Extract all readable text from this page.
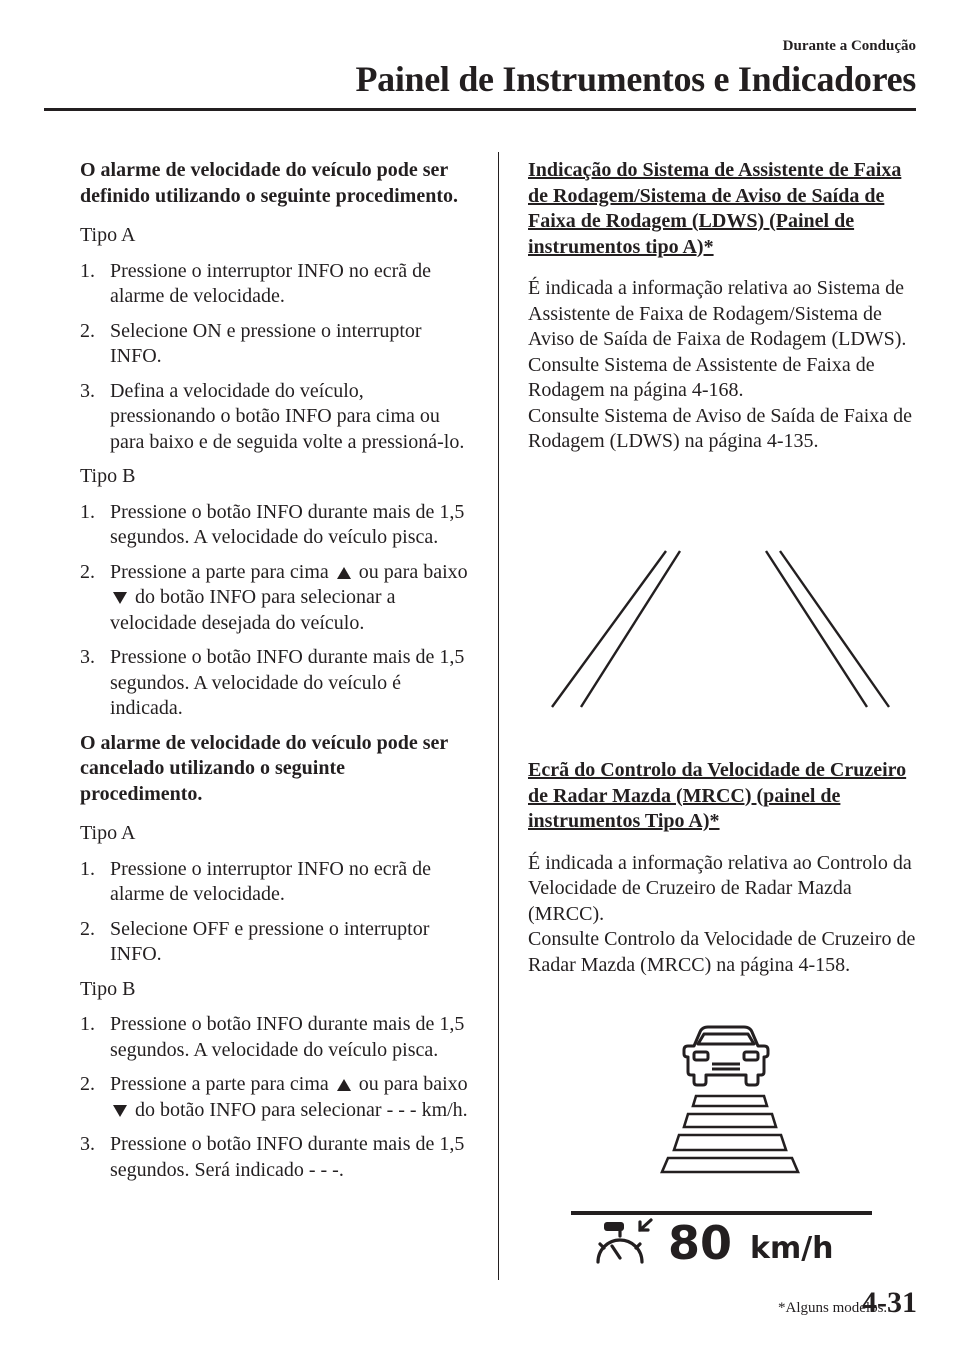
Durante a Condução
Painel de Instrumentos e Indicadores

O alarme de velocidade do veículo pode ser definido utilizando o seguinte procedimento.

Tipo A

1. Pressione o interruptor INFO no ecrã de alarme de velocidade.
2. Selecione ON e pressione o interruptor INFO.
3. Defina a velocidade do veículo, pressionando o botão INFO para cima ou para baixo e de seguida volte a pressioná-lo.

Tipo B

1. Pressione o botão INFO durante mais de 1,5 segundos. A velocidade do veículo pisca.
2. Pressione a parte para cima ou para baixo  do botão INFO para selecionar a velocidade desejada do veículo.
3. Pressione o botão INFO durante mais de 1,5 segundos. A velocidade do veículo é indicada.

O alarme de velocidade do veículo pode ser cancelado utilizando o seguinte procedimento.

Tipo A

1. Pressione o interruptor INFO no ecrã de alarme de velocidade.
2. Selecione OFF e pressione o interruptor INFO.

Tipo B

1. Pressione o botão INFO durante mais de 1,5 segundos. A velocidade do veículo pisca.
2. Pressione a parte para cima ou para baixo  do botão INFO para selecionar - - - km/h.
3. Pressione o botão INFO durante mais de 1,5 segundos. Será indicado - - -.

Indicação do Sistema de Assistente de Faixa de Rodagem/Sistema de Aviso de Saída de Faixa de Rodagem (LDWS) (Painel de instrumentos tipo A)*

É indicada a informação relativa ao Sistema de Assistente de Faixa de Rodagem/Sistema de Aviso de Saída de Faixa de Rodagem (LDWS).

Consulte Sistema de Assistente de Faixa de Rodagem na página 4-168.

Consulte Sistema de Aviso de Saída de Faixa de Rodagem (LDWS) na página 4-135.

Ecrã do Controlo da Velocidade de Cruzeiro de Radar Mazda (MRCC) (painel de instrumentos Tipo A)*

É indicada a informação relativa ao Controlo da Velocidade de Cruzeiro de Radar Mazda (MRCC).

Consulte Controlo da Velocidade de Cruzeiro de Radar Mazda (MRCC) na página 4-158.

80 km/h
*Alguns modelos.
4-31
